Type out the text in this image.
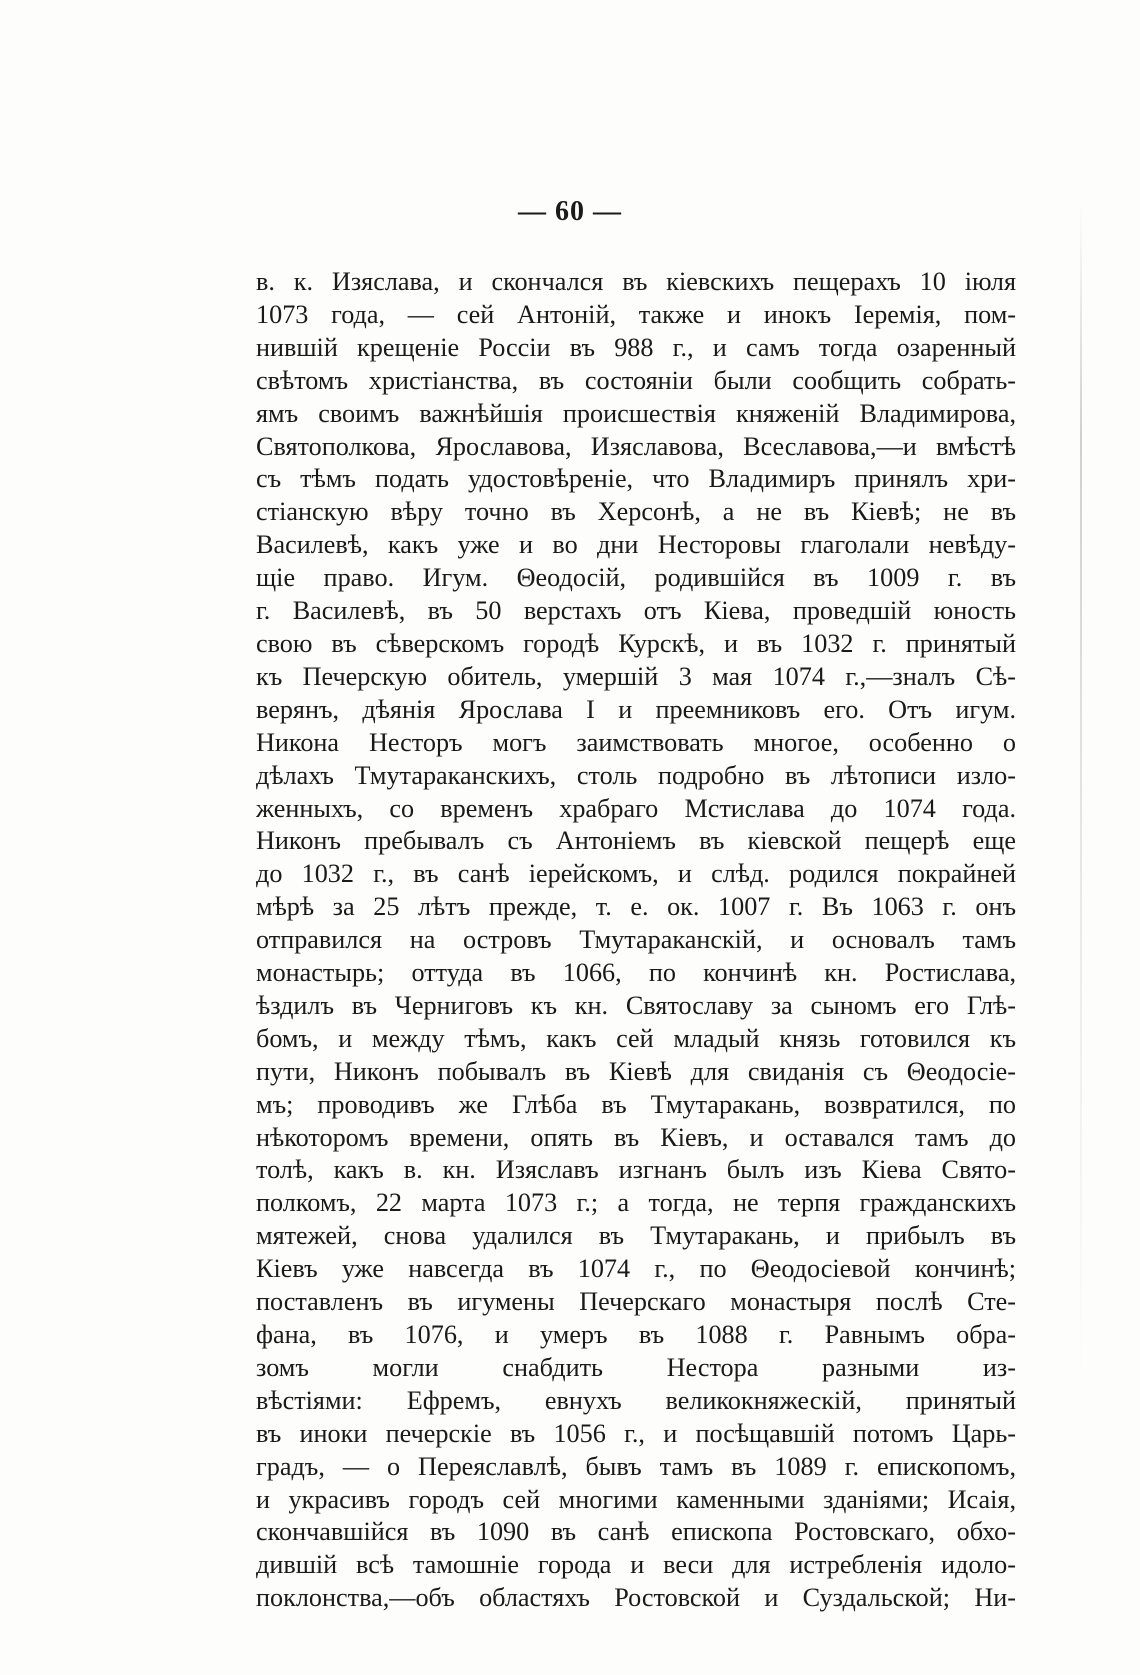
— 60 —
в. к. Изяслава, и скончался въ кіевскихъ пещерахъ 10 іюля
1073 года, — сей Антоній, также и инокъ Іеремія, пом-
нившій крещеніе Россіи въ 988 г., и самъ тогда озаренный
свѣтомъ христіанства, въ состояніи были сообщить собрать-
ямъ своимъ важнѣйшія происшествія княженій Владимирова,
Святополкова, Ярославова, Изяславова, Всеславова,—и вмѣстѣ
съ тѣмъ подать удостовѣреніе, что Владимиръ принялъ хри-
стіанскую вѣру точно въ Херсонѣ, а не въ Кіевѣ; не въ
Василевѣ, какъ уже и во дни Несторовы глаголали невѣду-
щіе право. Игум. Θеодосій, родившійся въ 1009 г. въ
г. Василевѣ, въ 50 верстахъ отъ Кіева, проведшій юность
свою въ сѣверскомъ городѣ Курскѣ, и въ 1032 г. принятый
къ Печерскую обитель, умершій 3 мая 1074 г.,—зналъ Сѣ-
верянъ, дѣянія Ярослава I и преемниковъ его. Отъ игум.
Никона Несторъ могъ заимствовать многое, особенно о
дѣлахъ Тмутараканскихъ, столь подробно въ лѣтописи изло-
женныхъ, со временъ храбраго Мстислава до 1074 года.
Никонъ пребывалъ съ Антоніемъ въ кіевской пещерѣ еще
до 1032 г., въ санѣ іерейскомъ, и слѣд. родился покрайней
мѣрѣ за 25 лѣтъ прежде, т. е. ок. 1007 г. Въ 1063 г. онъ
отправился на островъ Тмутараканскій, и основалъ тамъ
монастырь; оттуда въ 1066, по кончинѣ кн. Ростислава,
ѣздилъ въ Черниговъ къ кн. Святославу за сыномъ его Глѣ-
бомъ, и между тѣмъ, какъ сей младый князь готовился къ
пути, Никонъ побывалъ въ Кіевѣ для свиданія съ Θеодосіе-
мъ; проводивъ же Глѣба въ Тмутаракань, возвратился, по
нѣкоторомъ времени, опять въ Кіевъ, и оставался тамъ до
толѣ, какъ в. кн. Изяславъ изгнанъ былъ изъ Кіева Свято-
полкомъ, 22 марта 1073 г.; а тогда, не терпя гражданскихъ
мятежей, снова удалился въ Тмутаракань, и прибылъ въ
Кіевъ уже навсегда въ 1074 г., по Θеодосіевой кончинѣ;
поставленъ въ игумены Печерскаго монастыря послѣ Сте-
фана, въ 1076, и умеръ въ 1088 г. Равнымъ обра-
зомъ могли снабдить Нестора разными из-
вѣстіями: Ефремъ, евнухъ великокняжескій, принятый
въ иноки печерскіе въ 1056 г., и посѣщавшій потомъ Царь-
градъ, — о Переяславлѣ, бывъ тамъ въ 1089 г. епископомъ,
и украсивъ городъ сей многими каменными зданіями; Исаія,
скончавшійся въ 1090 въ санѣ епископа Ростовскаго, обхо-
дившій всѣ тамошніе города и веси для истребленія идоло-
поклонства,—объ областяхъ Ростовской и Суздальской; Ни-
